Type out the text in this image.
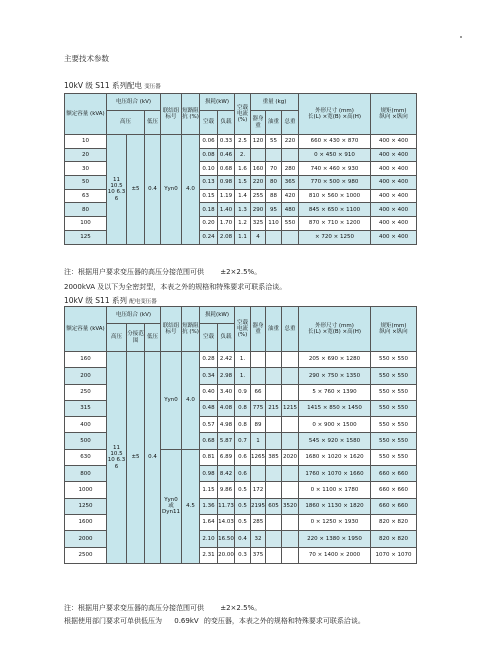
主要技术参数
10kV 级 S11 系列配电 变压器
额定容量 (kVA)	电压组合 (kV)			联结组标号	短路阻抗 (%)	损耗(kW)		空载电流 (%)	重量 (kg)			外形尺寸 (mm)
长(L) ×宽(B) ×高(H)	规矩(mm)
纵向 ×纵向
	高压		低压			空载	负载		器身重	油重	总重		
10	11 10.5 10 6.3 6	±5	0.4	Yyn0	4.0	0.06	0.33	2.5	120	55	220	660 × 430 × 870	400 × 400
20						0.08	0.46	2.				0 × 450 × 910	400 × 400
30						0.10	0.68	1.6	160	70	280	740 × 460 × 930	400 × 400
50						0.13	0.98	1.5	220	80	365	770 × 500 × 980	400 × 400
63						0.15	1.19	1.4	255	88	420	810 × 560 × 1000	400 × 400
80						0.18	1.40	1.3	290	95	480	845 × 650 × 1100	400 × 400
100						0.20	1.70	1.2	325	110	550	870 × 710 × 1200	400 × 400
125						0.24	2.08	1.1	4			× 720 × 1250	400 × 400
注：根据用户要求变压器的高压分接范围可供 ±2×2.5%。
2000kVA 及以下为全密封型，本表之外的规格和特殊要求可联系洽谈。
10kV 级 S11 系列 配电变压器
额定容量 (kVA)	电压组合 (kV)			联结组标号	短路阻抗 (%)	损耗(kW)		空载电流 (%)	器身重	油重	总重	外形尺寸 (mm)
长(L) ×宽(B) ×高(H)	规矩(mm)
纵向 ×纵向
	高压	分接范围	低压			空载	负载						
160	11 10.5 10 6.3 6	±5	0.4	Yyn0	4.0	0.28	2.42	1.				205 × 690 × 1280	550 × 550
200						0.34	2.98	1.				290 × 750 × 1350	550 × 550
250						0.40	3.40	0.9	66			5 × 760 × 1390	550 × 550
315						0.48	4.08	0.8	775	215	1215	1415 × 850 × 1450	550 × 550
400						0.57	4.98	0.8	89			0 × 900 × 1500	550 × 550
500						0.68	5.87	0.7	1			545 × 920 × 1580	550 × 550
630				Yyn0 或 Dyn11	4.5	0.81	6.89	0.6	1265	385	2020	1680 × 1020 × 1620	550 × 550
800						0.98	8.42	0.6				1760 × 1070 × 1660	660 × 660
1000						1.15	9.86	0.5	172			0 × 1100 × 1780	660 × 660
1250						1.36	11.73	0.5	2195	605	3520	1860 × 1130 × 1820	660 × 660
1600						1.64	14.03	0.5	285			0 × 1250 × 1930	820 × 820
2000						2.10	16.50	0.4	32			220 × 1380 × 1950	820 × 820
2500						2.31	20.00	0.3	375			70 × 1400 × 2000	1070 × 1070
注：根据用户要求变压器的高压分接范围可供 ±2×2.5%。
根据使用部门要求可单供低压为 0.69kV 的变压器，本表之外的规格和特殊要求可联系洽谈。
